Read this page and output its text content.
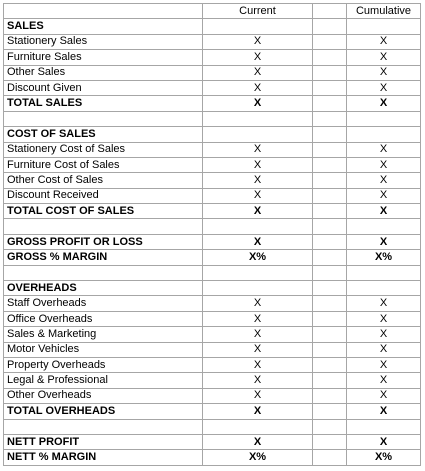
	Current		Cumulative
SALES			
Stationery Sales	X		X
Furniture Sales	X		X
Other Sales	X		X
Discount Given	X		X
TOTAL SALES	X		X

COST OF SALES			
Stationery Cost of Sales	X		X
Furniture Cost of Sales	X		X
Other Cost of Sales	X		X
Discount Received	X		X
TOTAL COST OF SALES	X		X

GROSS PROFIT OR LOSS	X		X
GROSS % MARGIN	X%		X%

OVERHEADS			
Staff Overheads	X		X
Office Overheads	X		X
Sales & Marketing	X		X
Motor Vehicles	X		X
Property Overheads	X		X
Legal & Professional	X		X
Other Overheads	X		X
TOTAL OVERHEADS	X		X

NETT PROFIT	X		X
NETT % MARGIN	X%		X%
